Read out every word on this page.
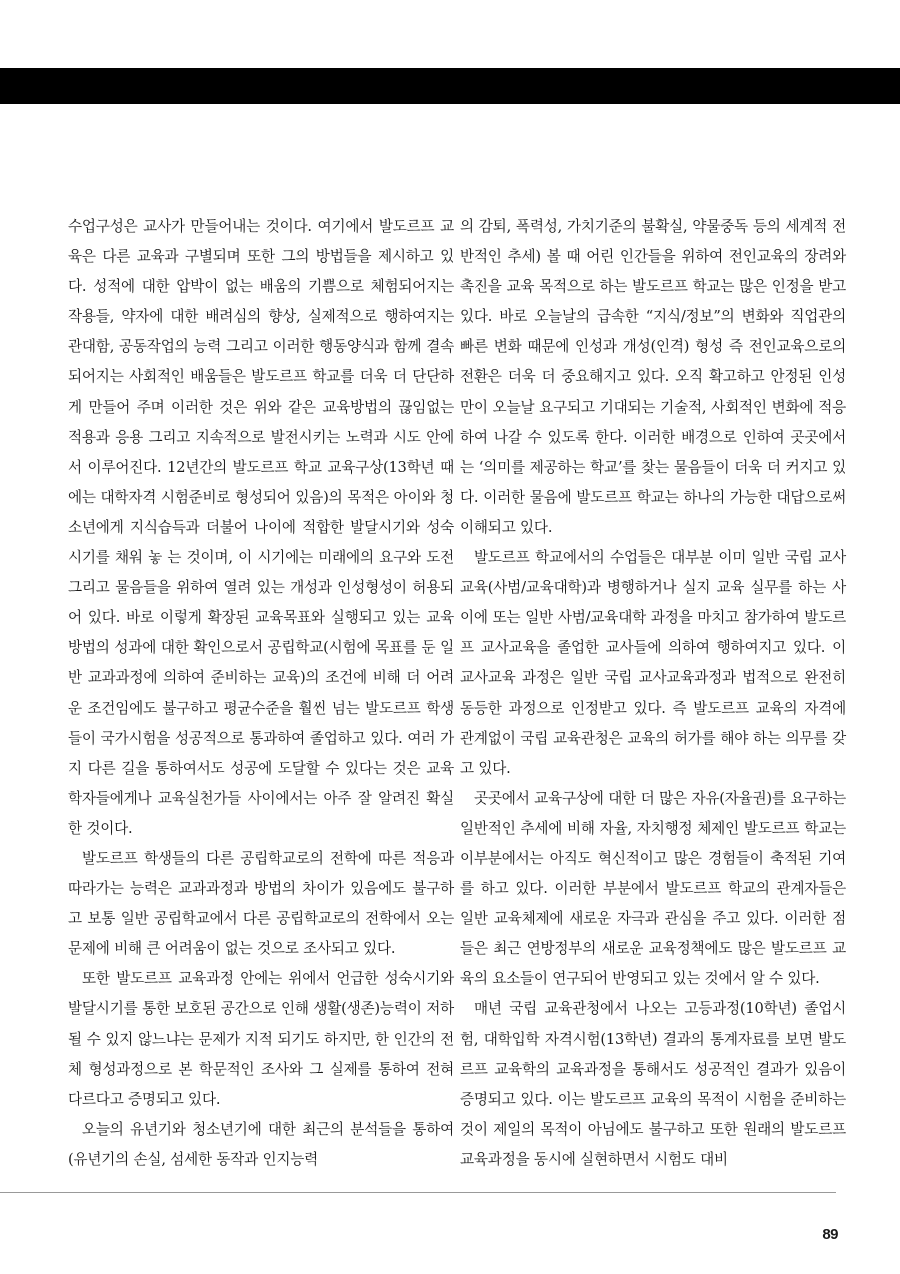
수업구성은 교사가 만들어내는 것이다. 여기에서 발도르프 교육은 다른 교육과 구별되며 또한 그의 방법들을 제시하고 있다. 성적에 대한 압박이 없는 배움의 기쁨으로 체험되어지는 작용들, 약자에 대한 배려심의 향상, 실제적으로 행하여지는 관대함, 공동작업의 능력 그리고 이러한 행동양식과 함께 결속되어지는 사회적인 배움들은 발도르프 학교를 더욱 더 단단하게 만들어 주며 이러한 것은 위와 같은 교육방법의 끊임없는 적용과 응용 그리고 지속적으로 발전시키는 노력과 시도 안에서 이루어진다. 12년간의 발도르프 학교 교육구상(13학년 때에는 대학자격 시험준비로 형성되어 있음)의 목적은 아이와 청소년에게 지식습득과 더불어 나이에 적합한 발달시기와 성숙시기를 채워 놓 는 것이며, 이 시기에는 미래에의 요구와 도전 그리고 물음들을 위하여 열려 있는 개성과 인성형성이 허용되어 있다. 바로 이렇게 확장된 교육목표와 실행되고 있는 교육방법의 성과에 대한 확인으로서 공립학교(시험에 목표를 둔 일반 교과과정에 의하여 준비하는 교육)의 조건에 비해 더 어려운 조건임에도 불구하고 평균수준을 훨씬 넘는 발도르프 학생들이 국가시험을 성공적으로 통과하여 졸업하고 있다. 여러 가지 다른 길을 통하여서도 성공에 도달할 수 있다는 것은 교육학자들에게나 교육실천가들 사이에서는 아주 잘 알려진 확실한 것이다.

발도르프 학생들의 다른 공립학교로의 전학에 따른 적응과 따라가는 능력은 교과과정과 방법의 차이가 있음에도 불구하고 보통 일반 공립학교에서 다른 공립학교로의 전학에서 오는 문제에 비해 큰 어려움이 없는 것으로 조사되고 있다.

또한 발도르프 교육과정 안에는 위에서 언급한 성숙시기와 발달시기를 통한 보호된 공간으로 인해 생활(생존)능력이 저하될 수 있지 않느냐는 문제가 지적 되기도 하지만, 한 인간의 전체 형성과정으로 본 학문적인 조사와 그 실제를 통하여 전혀 다르다고 증명되고 있다.

오늘의 유년기와 청소년기에 대한 최근의 분석들을 통하여(유년기의 손실, 섬세한 동작과 인지능력

의 감퇴, 폭력성, 가치기준의 불확실, 약물중독 등의 세계적 전반적인 추세) 볼 때 어린 인간들을 위하여 전인교육의 장려와 촉진을 교육 목적으로 하는 발도르프 학교는 많은 인정을 받고 있다. 바로 오늘날의 급속한 “지식/정보”의 변화와 직업관의 빠른 변화 때문에 인성과 개성(인격) 형성 즉 전인교육으로의 전환은 더욱 더 중요해지고 있다. 오직 확고하고 안정된 인성만이 오늘날 요구되고 기대되는 기술적, 사회적인 변화에 적응하여 나갈 수 있도록 한다. 이러한 배경으로 인하여 곳곳에서는 ‘의미를 제공하는 학교’를 찾는 물음들이 더욱 더 커지고 있다. 이러한 물음에 발도르프 학교는 하나의 가능한 대답으로써 이해되고 있다.

발도르프 학교에서의 수업들은 대부분 이미 일반 국립 교사교육(사범/교육대학)과 병행하거나 실지 교육 실무를 하는 사이에 또는 일반 사범/교육대학 과정을 마치고 참가하여 발도르프 교사교육을 졸업한 교사들에 의하여 행하여지고 있다. 이 교사교육 과정은 일반 국립 교사교육과정과 법적으로 완전히 동등한 과정으로 인정받고 있다. 즉 발도르프 교육의 자격에 관계없이 국립 교육관청은 교육의 허가를 해야 하는 의무를 갖고 있다.

곳곳에서 교육구상에 대한 더 많은 자유(자율권)를 요구하는 일반적인 추세에 비해 자율, 자치행정 체제인 발도르프 학교는 이부분에서는 아직도 혁신적이고 많은 경험들이 축적된 기여를 하고 있다. 이러한 부분에서 발도르프 학교의 관계자들은 일반 교육체제에 새로운 자극과 관심을 주고 있다. 이러한 점들은 최근 연방정부의 새로운 교육정책에도 많은 발도르프 교육의 요소들이 연구되어 반영되고 있는 것에서 알 수 있다.

매년 국립 교육관청에서 나오는 고등과정(10학년) 졸업시험, 대학입학 자격시험(13학년) 결과의 통계자료를 보면 발도르프 교육학의 교육과정을 통해서도 성공적인 결과가 있음이 증명되고 있다. 이는 발도르프 교육의 목적이 시험을 준비하는 것이 제일의 목적이 아님에도 불구하고 또한 원래의 발도르프 교육과정을 동시에 실현하면서 시험도 대비

89
